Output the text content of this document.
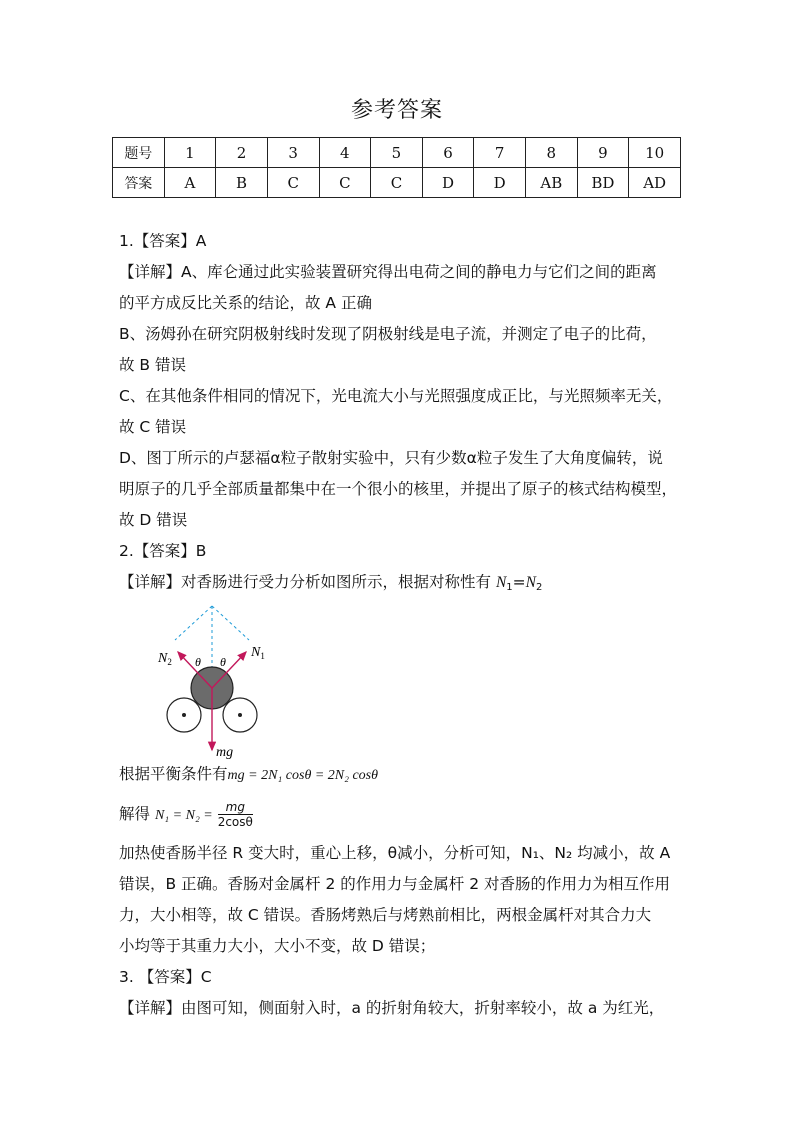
参考答案
题号	1	2	3	4	5	6	7	8	9	10
答案	A	B	C	C	C	D	D	AB	BD	AD
1.【答案】A
【详解】A、库仑通过此实验装置研究得出电荷之间的静电力与它们之间的距离
的平方成反比关系的结论，故 A 正确
B、汤姆孙在研究阴极射线时发现了阴极射线是电子流，并测定了电子的比荷，
故 B 错误
C、在其他条件相同的情况下，光电流大小与光照强度成正比，与光照频率无关，
故 C 错误
D、图丁所示的卢瑟福α粒子散射实验中，只有少数α粒子发生了大角度偏转，说
明原子的几乎全部质量都集中在一个很小的核里，并提出了原子的核式结构模型，
故 D 错误
2.【答案】B
【详解】对香肠进行受力分析如图所示，根据对称性有 $N_1=N_2$
$N_2$
$N_1$
θ θ
mg
根据平衡条件有mg = 2N₁ cosθ = 2N₂ cosθ
解得 $N_1 = N_2 = \frac{mg}{2\cos\theta}$
加热使香肠半径 R 变大时，重心上移，θ减小，分析可知，N₁、N₂ 均减小，故 A
错误，B 正确。香肠对金属杆 2 的作用力与金属杆 2 对香肠的作用力为相互作用
力，大小相等，故 C 错误。香肠烤熟后与烤熟前相比，两根金属杆对其合力大
小均等于其重力大小，大小不变，故 D 错误；
3. 【答案】C
【详解】由图可知，侧面射入时，a 的折射角较大，折射率较小，故 a 为红光，
